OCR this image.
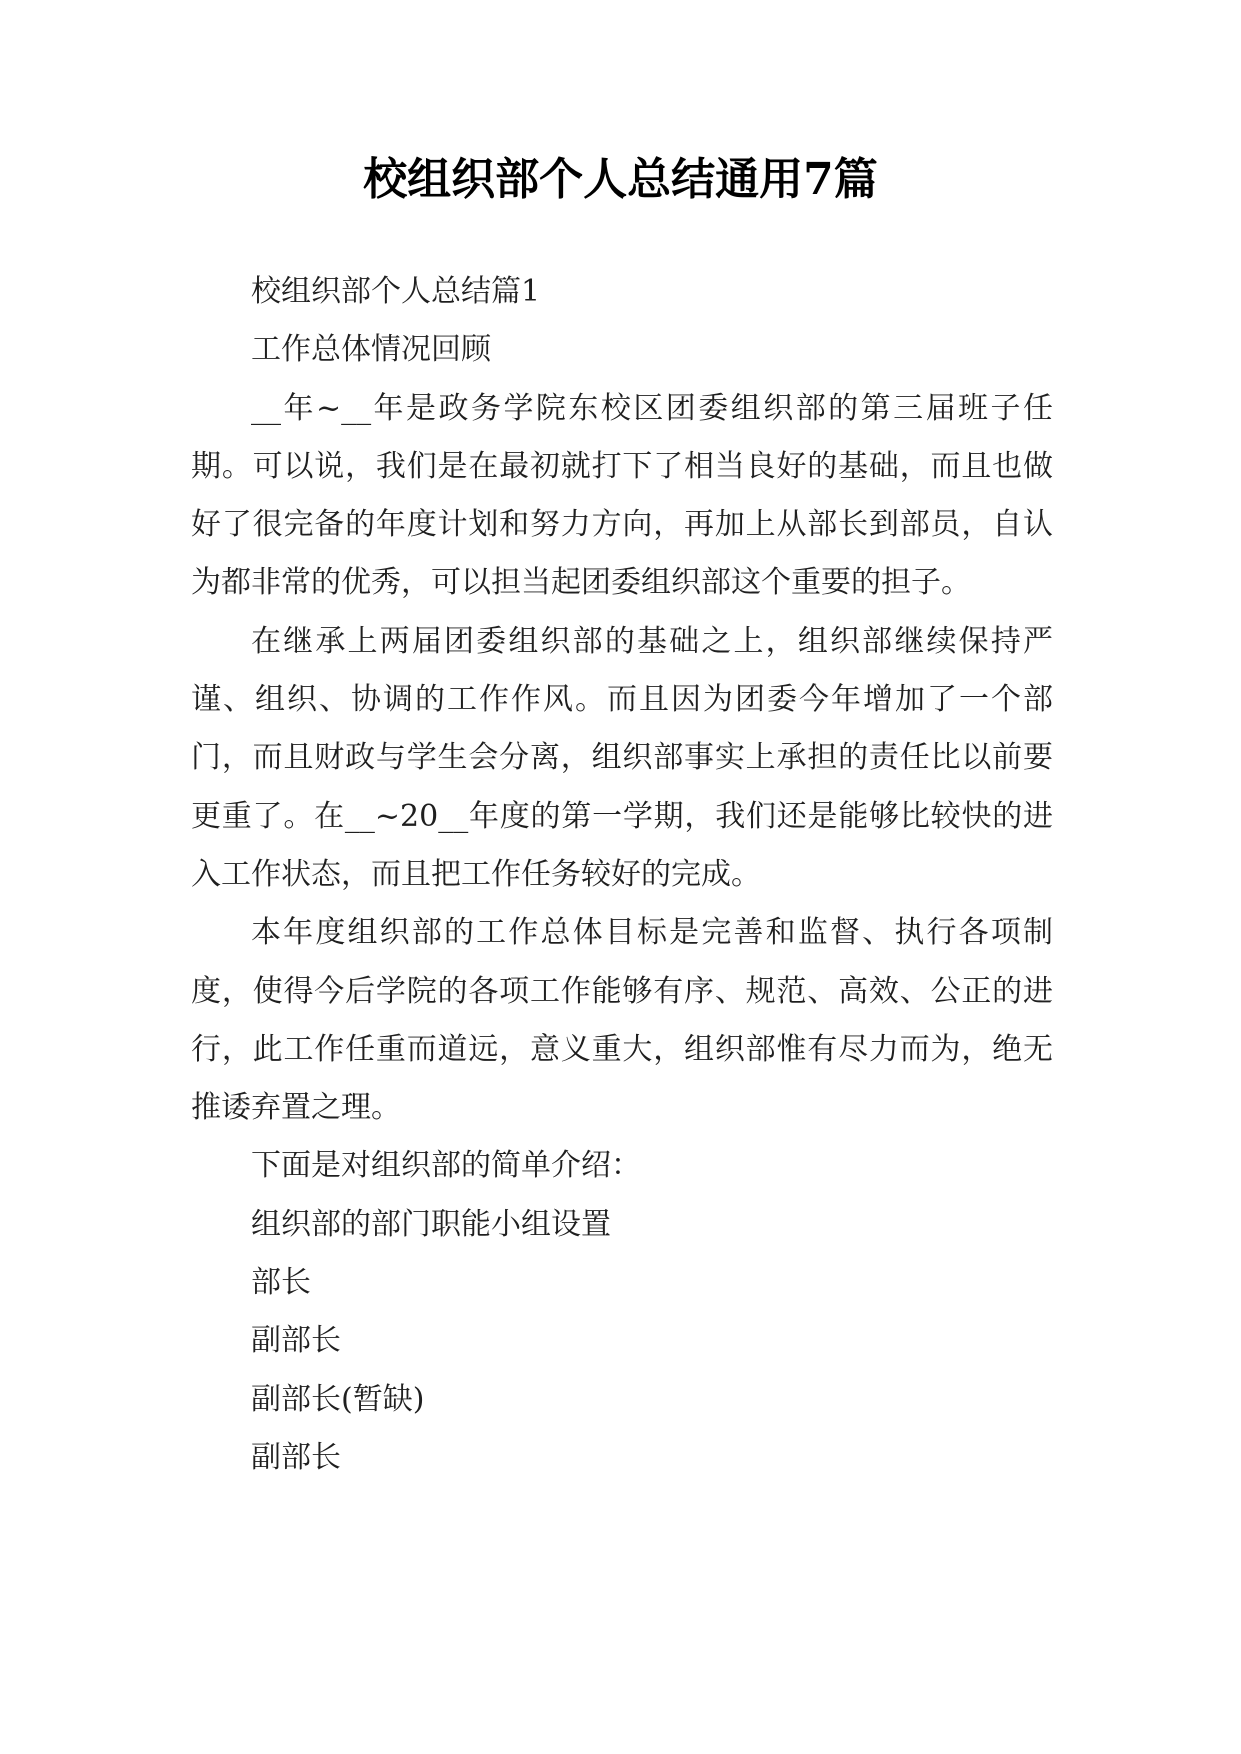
校组织部个人总结通用7篇

校组织部个人总结篇1

工作总体情况回顾

__年~__年是政务学院东校区团委组织部的第三届班子任期。可以说，我们是在最初就打下了相当良好的基础，而且也做好了很完备的年度计划和努力方向，再加上从部长到部员，自认为都非常的优秀，可以担当起团委组织部这个重要的担子。

在继承上两届团委组织部的基础之上，组织部继续保持严谨、组织、协调的工作作风。而且因为团委今年增加了一个部门，而且财政与学生会分离，组织部事实上承担的责任比以前要更重了。在__~20__年度的第一学期，我们还是能够比较快的进入工作状态，而且把工作任务较好的完成。

本年度组织部的工作总体目标是完善和监督、执行各项制度，使得今后学院的各项工作能够有序、规范、高效、公正的进行，此工作任重而道远，意义重大，组织部惟有尽力而为，绝无推诿弃置之理。

下面是对组织部的简单介绍：

组织部的部门职能小组设置

部长

副部长

副部长(暂缺)

副部长
